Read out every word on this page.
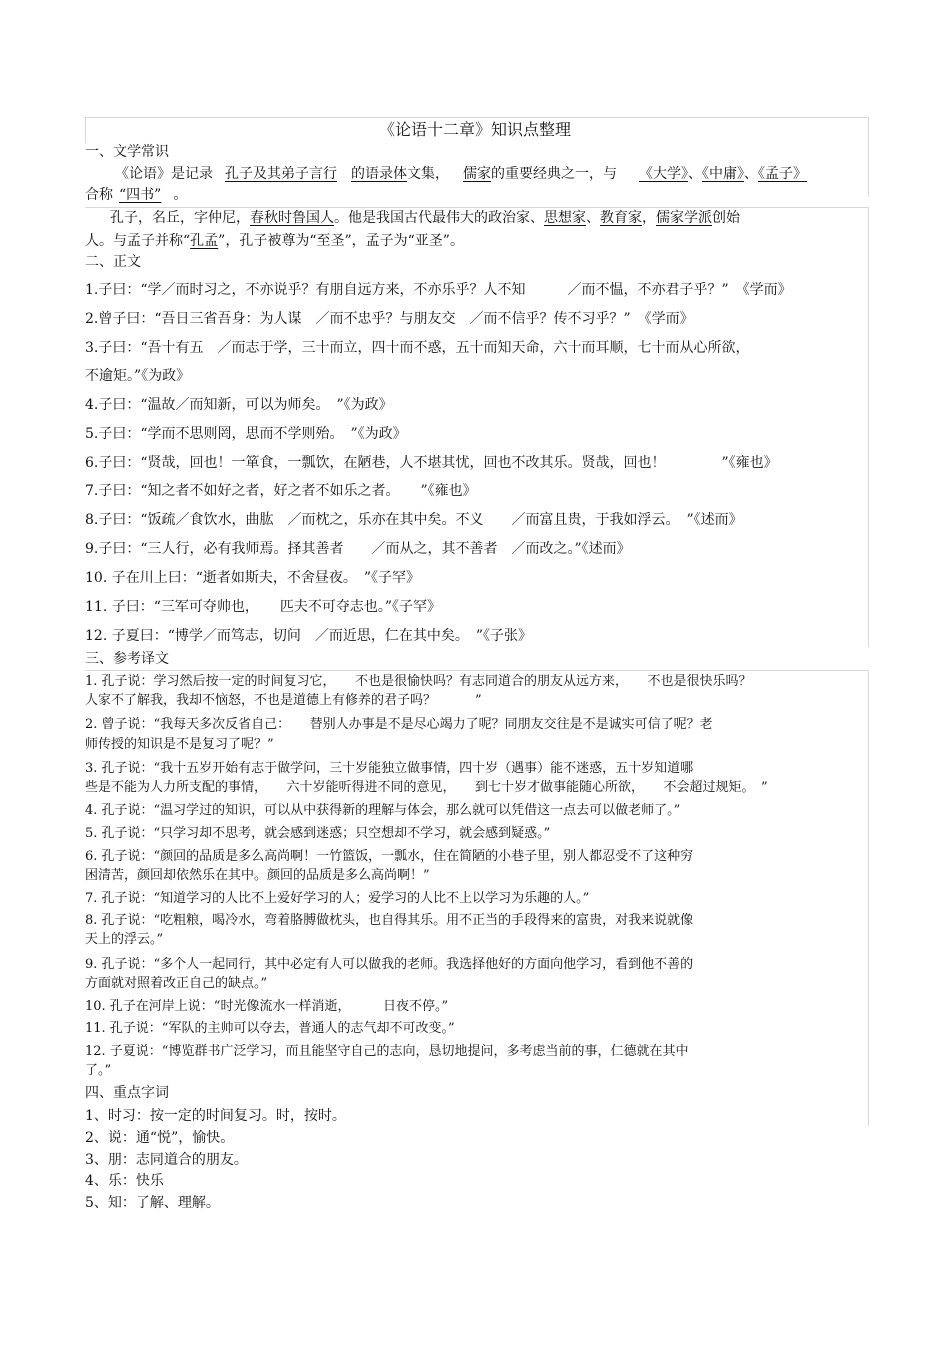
《论语十二章》知识点整理
一、文学常识
《论语》是记录 孔子及其弟子言行 的语录体文集， 儒家的重要经典之一，与 《大学》、《中庸》、《孟子》
合称 “四书” 。
孔子，名丘，字仲尼，春秋时鲁国人。他是我国古代最伟大的政治家、思想家、教育家，儒家学派创始
人。与孟子并称“孔孟”，孔子被尊为“至圣”，孟子为“亚圣”。
二、正文
1.子曰：“学／而时习之，不亦说乎？有朋自远方来，不亦乐乎？人不知　　　／而不愠，不亦君子乎？”　《学而》
2.曾子曰：“吾日三省吾身：为人谋　／而不忠乎？与朋友交　／而不信乎？传不习乎？”　《学而》
3.子曰：“吾十有五　／而志于学，三十而立，四十而不惑，五十而知天命，六十而耳顺，七十而从心所欲，
不逾矩。”《为政》
4.子曰：“温故／而知新，可以为师矣。　”《为政》
5.子曰：“学而不思则罔，思而不学则殆。　”《为政》
6.子曰：“贤哉，回也！一箪食，一瓢饮，在陋巷，人不堪其忧，回也不改其乐。贤哉，回也！　　　　”《雍也》
7.子曰：“知之者不如好之者，好之者不如乐之者。　　”《雍也》
8.子曰：“饭疏／食饮水，曲肱　／而枕之，乐亦在其中矣。不义　　／而富且贵，于我如浮云。　”《述而》
9.子曰：“三人行，必有我师焉。择其善者　　／而从之，其不善者　／而改之。”《述而》
10. 子在川上曰：“逝者如斯夫，不舍昼夜。　”《子罕》
11. 子曰：“三军可夺帅也，　　匹夫不可夺志也。”《子罕》
12. 子夏曰：“博学／而笃志，切问　／而近思，仁在其中矣。　”《子张》
三、参考译文
1. 孔子说：学习然后按一定的时间复习它，　　不也是很愉快吗？有志同道合的朋友从远方来，　　不也是很快乐吗？
人家不了解我，我却不恼怒，不也是道德上有修养的君子吗？　　　”
2. 曾子说：“我每天多次反省自己：　　替别人办事是不是尽心竭力了呢？同朋友交往是不是诚实可信了呢？老
师传授的知识是不是复习了呢？”
3. 孔子说：“我十五岁开始有志于做学问，三十岁能独立做事情，四十岁（遇事）能不迷惑，五十岁知道哪
些是不能为人力所支配的事情，　　六十岁能听得进不同的意见，　　到七十岁才做事能随心所欲，　　不会超过规矩。　”
4. 孔子说：“温习学过的知识，可以从中获得新的理解与体会，那么就可以凭借这一点去可以做老师了。”
5. 孔子说：“只学习却不思考，就会感到迷惑；只空想却不学习，就会感到疑惑。”
6. 孔子说：“颜回的品质是多么高尚啊！一竹篮饭，一瓢水，住在简陋的小巷子里，别人都忍受不了这种穷
困清苦，颜回却依然乐在其中。颜回的品质是多么高尚啊！”
7. 孔子说：“知道学习的人比不上爱好学习的人；爱学习的人比不上以学习为乐趣的人。”
8. 孔子说：“吃粗粮，喝冷水，弯着胳膊做枕头，也自得其乐。用不正当的手段得来的富贵，对我来说就像
天上的浮云。”
9. 孔子说：“多个人一起同行，其中必定有人可以做我的老师。我选择他好的方面向他学习，看到他不善的
方面就对照着改正自己的缺点。”
10. 孔子在河岸上说：“时光像流水一样消逝，　　　日夜不停。”
11. 孔子说：“军队的主帅可以夺去，普通人的志气却不可改变。”
12. 子夏说：“博览群书广泛学习，而且能坚守自己的志向，恳切地提问，多考虑当前的事，仁德就在其中
了。”
四、重点字词
1、时习：按一定的时间复习。时，按时。
2、说：通“悦”，愉快。
3、朋：志同道合的朋友。
4、乐：快乐
5、知：了解、理解。
